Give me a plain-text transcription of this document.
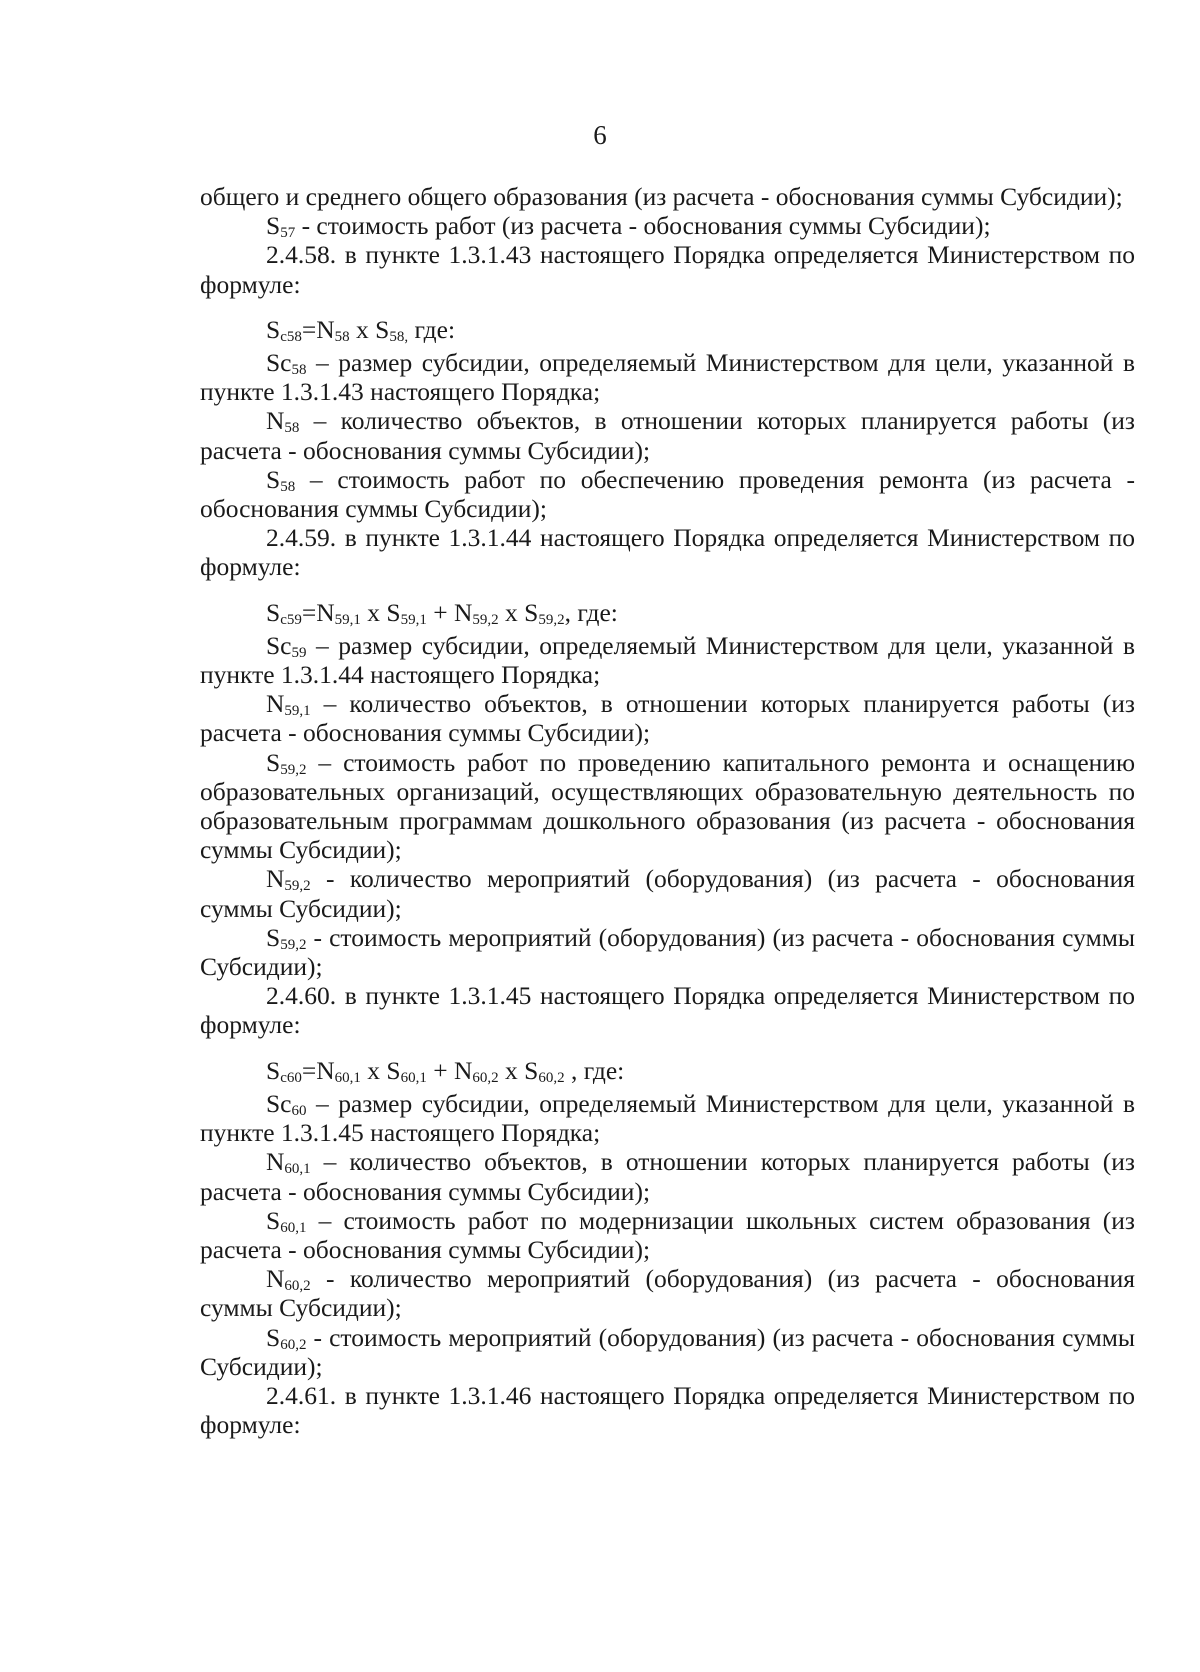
6

общего и среднего общего образования (из расчета - обоснования суммы Субсидии);

$S_{57}$ - стоимость работ (из расчета - обоснования суммы Субсидии);

2.4.58. в пункте 1.3.1.43 настоящего Порядка определяется Министерством по формуле:

$S_{c58}=N_{58}$ x $S_{58,}$ где:

$Sc_{58}$ – размер субсидии, определяемый Министерством для цели, указанной в пункте 1.3.1.43 настоящего Порядка;

$N_{58}$ – количество объектов, в отношении которых планируется работы (из расчета - обоснования суммы Субсидии);

$S_{58}$ – стоимость работ по обеспечению проведения ремонта (из расчета - обоснования суммы Субсидии);

2.4.59. в пункте 1.3.1.44 настоящего Порядка определяется Министерством по формуле:

$S_{c59}=N_{59,1}$ x $S_{59,1} + N_{59,2}$ x $S_{59,2}$, где:

$Sc_{59}$ – размер субсидии, определяемый Министерством для цели, указанной в пункте 1.3.1.44 настоящего Порядка;

$N_{59,1}$ – количество объектов, в отношении которых планируется работы (из расчета - обоснования суммы Субсидии);

$S_{59,2}$ – стоимость работ по проведению капитального ремонта и оснащению образовательных организаций, осуществляющих образовательную деятельность по образовательным программам дошкольного образования (из расчета - обоснования суммы Субсидии);

$N_{59,2}$ - количество мероприятий (оборудования) (из расчета - обоснования суммы Субсидии);

$S_{59,2}$ - стоимость мероприятий (оборудования) (из расчета - обоснования суммы Субсидии);

2.4.60. в пункте 1.3.1.45 настоящего Порядка определяется Министерством по формуле:

$S_{c60}=N_{60,1}$ x $S_{60,1} + N_{60,2}$ x $S_{60,2}$ , где:

$Sc_{60}$ – размер субсидии, определяемый Министерством для цели, указанной в пункте 1.3.1.45 настоящего Порядка;

$N_{60,1}$ – количество объектов, в отношении которых планируется работы (из расчета - обоснования суммы Субсидии);

$S_{60,1}$ – стоимость работ по модернизации школьных систем образования (из расчета - обоснования суммы Субсидии);

$N_{60,2}$ - количество мероприятий (оборудования) (из расчета - обоснования суммы Субсидии);

$S_{60,2}$ - стоимость мероприятий (оборудования) (из расчета - обоснования суммы Субсидии);

2.4.61. в пункте 1.3.1.46 настоящего Порядка определяется Министерством по формуле:
